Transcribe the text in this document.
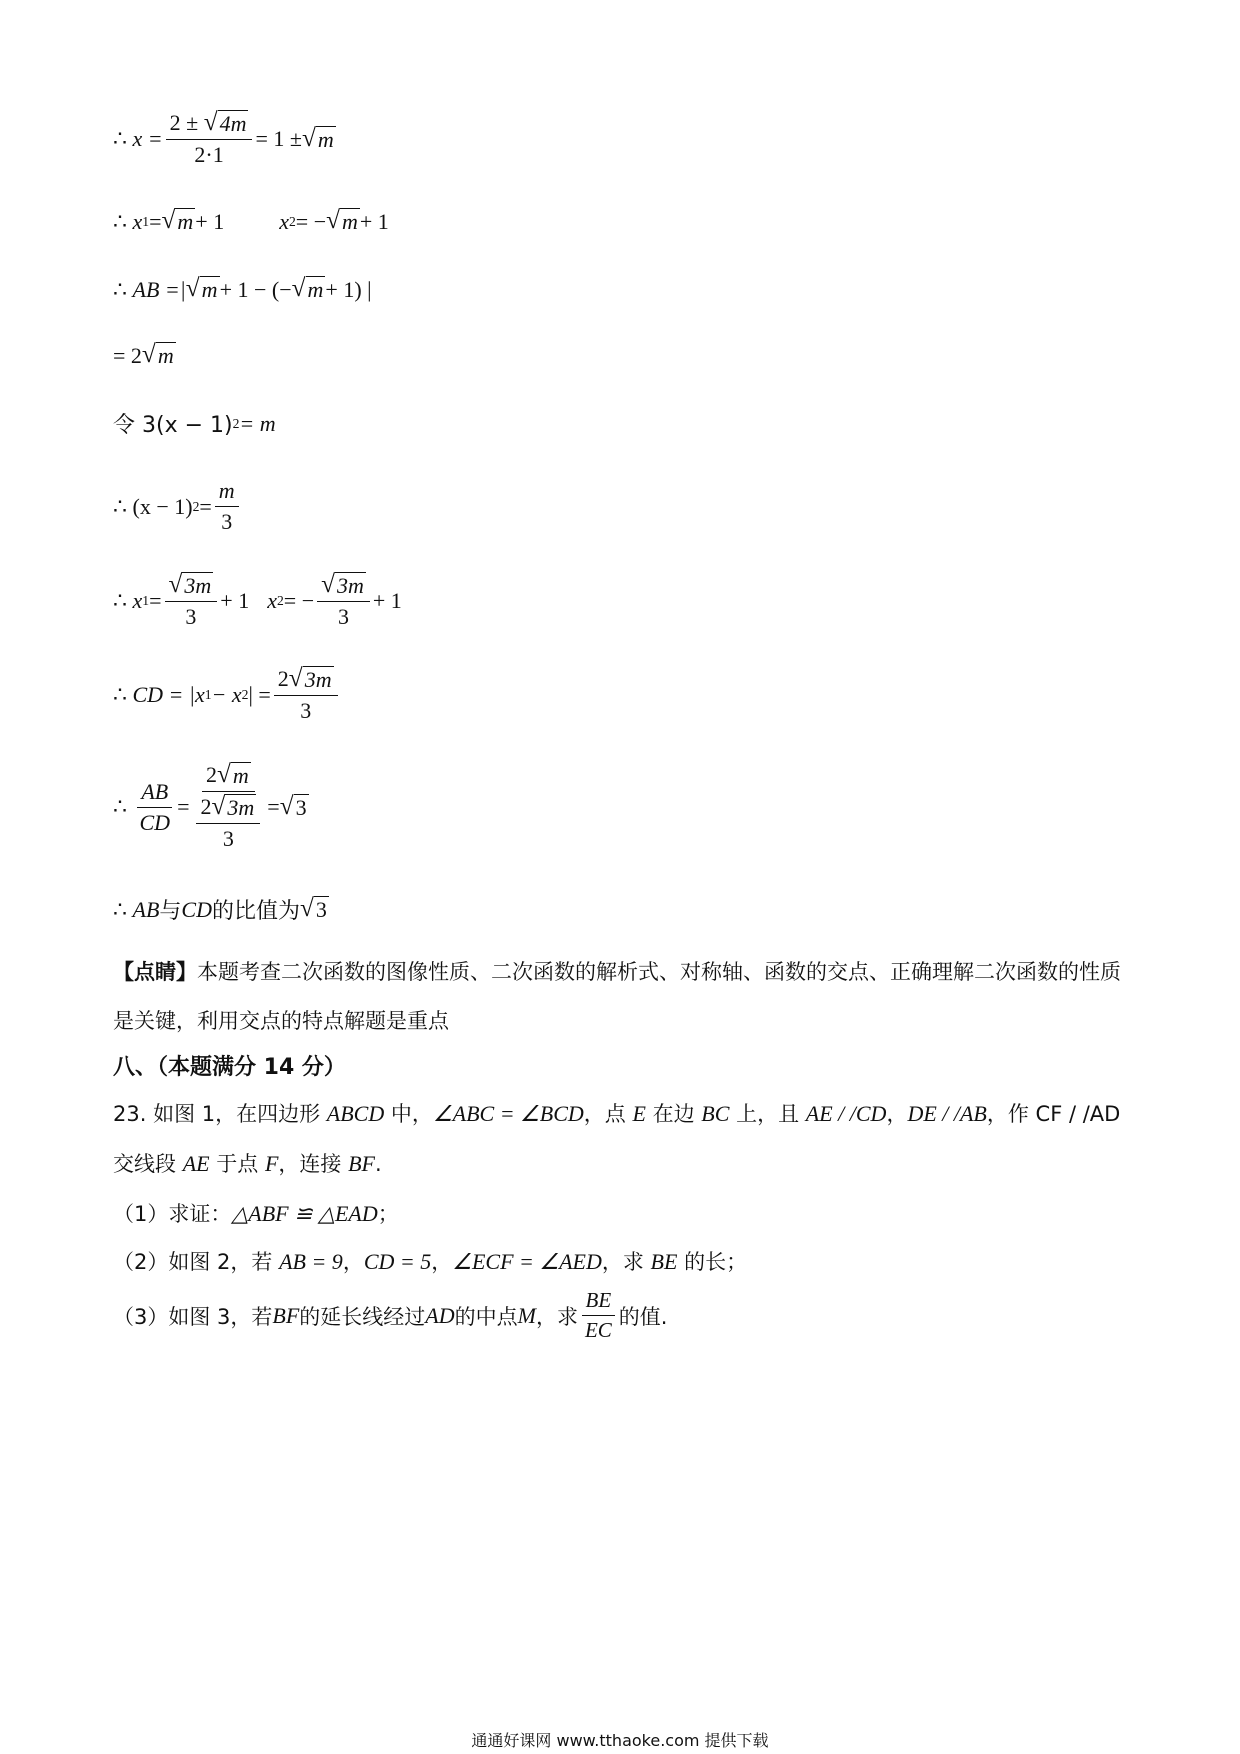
∴
$x = \frac{2 \pm √ 4m}{2\cdot 1} = 1$ ± √ m
∴
x 1 = √ m + 1	x 2 = − √ m + 1
∴
AB =| √ m + 1 − (− √ m + 1) |
= 2 √ m
令 3(x − 1) 2 = m
∴
(x − 1) $2 = \frac{m}{3}$
∴
x $1 = \frac{√ 3m}{3} + 1$ x 2 = − $\frac{√ 3m}{3} + 1$
∴
CD = |x 1 − x 2 | = $\frac{2 √ 3m}{3}$
∴
$\frac{AB}{CD} = \frac{2 √ m}{\frac{2 √ 3m}{3}}$ = √ 3
∴
AB 与 CD 的比值为 √ 3
【点睛】本题考查二次函数的图像性质、二次函数的解析式、对称轴、函数的交点、正确理解二次函数的性质是关键，利用交点的特点解题是重点
八、（本题满分 14 分）
23. 如图 1，在四边形 ABCD 中，∠ABC = ∠BCD，点 E 在边 BC 上，且 AE / /CD，DE / /AB，作 CF / /AD
交线段 AE 于点 F，连接 BF.
（1）求证：△ABF ≌ △EAD；
（2）如图 2，若 AB = 9，CD = 5，∠ECF = ∠AED，求 BE 的长；
（3）如图 3，若 BF 的延长线经过 AD 的中点 M ，求 $\frac{BE}{EC}$ 的值.
通通好课网 www.tthaoke.com 提供下载
